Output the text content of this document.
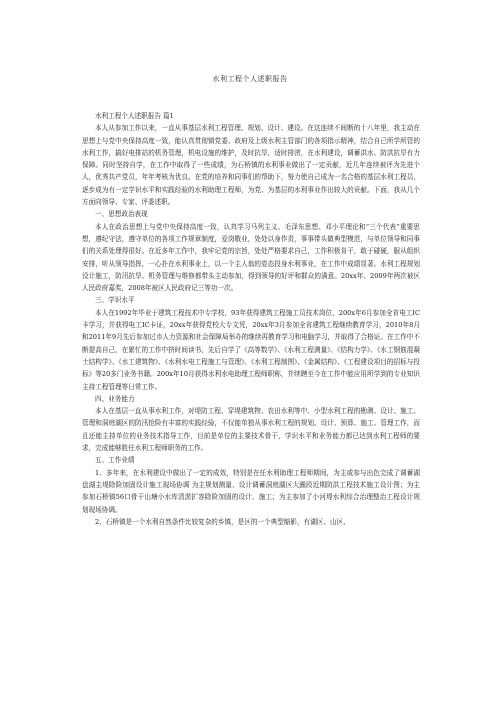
水利工程个人述职报告

水利工程个人述职报告 篇1

本人从参加工作以来，一直从事基层水利工程管理、规划、设计、建设。在这连续不间断的十八年里，我主动在思想上与党中央保持高度一致，能认真贯彻镇党委、政府及上级水利主管部门的各项指示精神，结合自己所学所管的水利工作，搞好电排站的机务管理，机电设施的维护，及时抗旱，适时排涝，在水利建设，调蓄洪水、防洪抗旱有力保障。同时坚持自学，在工作中取得了一些成绩，为石桥镇的水利事业做出了一定贡献，近几年连续被评为先进个人，优秀共产党员，年年考核为优良。在党的培养和同事们的帮助下，努力使自己成为一名合格的基层水利工程员，逐步成为有一定学识水平和实践经验的水利助理工程师，为党、为基层的水利事业作出较大的贡献。下面，我从几个方面向领导、专家、评委述职。

一、思想政治表现

本人在政治思想上与党中央保持高度一致，认真学习马列主义、毛泽东思想、邓小平理论和“三个代表”重要思想，遵纪守法，遵守单位的各项工作规章制度，爱岗敬业，处处以身作责，事事带头做典型模范，与单位领导和同事们的关系处理得很好。在近多年工作中，我牢记党的宗旨，处处严格要求自己，工作积极肯干，敢于碰硬，服从组织安排，听从领导指挥，一心扑在水利事业上，以一个主人翁的姿态投身水利事业，在工作中成绩显著。水利工程规划设计施工，防汛抗旱、机务管理与维修都带头主动参加，得到领导的好评和群众的满意。20xx年、2009年两次被区人民政府嘉奖，2008年被区人民政府记三等功一次。

三、学识水平

本人在1992年毕业于建筑工程技术中专学校，93年获得建筑工程施工员技术岗位，200x年6月参加全省电工IC卡学习，并获得电工IC卡证，20xx年获得党校大专文凭，20xx年3月参加全省建筑工程继续教育学习，2010年8月和2011年9月先后参加过市人力资源和社会保障局举办的继续再教育学习和电脑学习，并取得了合格证。在工作中不断提高自己，在繁忙的工作中挤时间读书，先后自学了《高等数学》、《水利工程测量》、《结构力学》、《水工钢筋混凝土结构学》、《水工建筑物》、《水利水电工程施工与管理》、《水利工程制图》、《金属结构》、《工程建设项目的招标与投标》等20多门业务书籍。200x年10月获得水利水电助理工程师职称，并续聘至今在工作中能应用所学到的专业知识主持工程管理等日常工作。

四、业务能力

本人在基层一直从事水利工作，对堤防工程、穿堤建筑物、农田水利等中、小型水利工程的勘测、设计、施工、管理和洞庭湖区的防汛抢险有丰富的实践经验，不仅能单独从事水利工程的规划、设计、预算、施工、管理工作，而且还能主持单位的业务技术指导工作，目前是单位的主要技术骨干，学识水平和业务能力都已达到水利工程师的要求，完成能够胜任水利工程师职务的工作。

五、工作业绩

1、多年来，在水利建设中做出了一定的成效，特别是在任水利助理工程师期间，为主或参与出色完成了调蓄湖盘湖主堤除险加固设计施工现场协调 为主规划测量、设计调蓄洞庭湖区大圈段近期防洪工程技术施工设计图；为主参加石桥镇56口骨干山塘小水库清淤扩容除险加固的设计、施工；为主参加了小河堤水利综合治理整治工程设计规划现场协调。

2、石桥镇是一个水利自然条件比较复杂的乡镇，是区的一个典型缩影，有湖区、山区、
